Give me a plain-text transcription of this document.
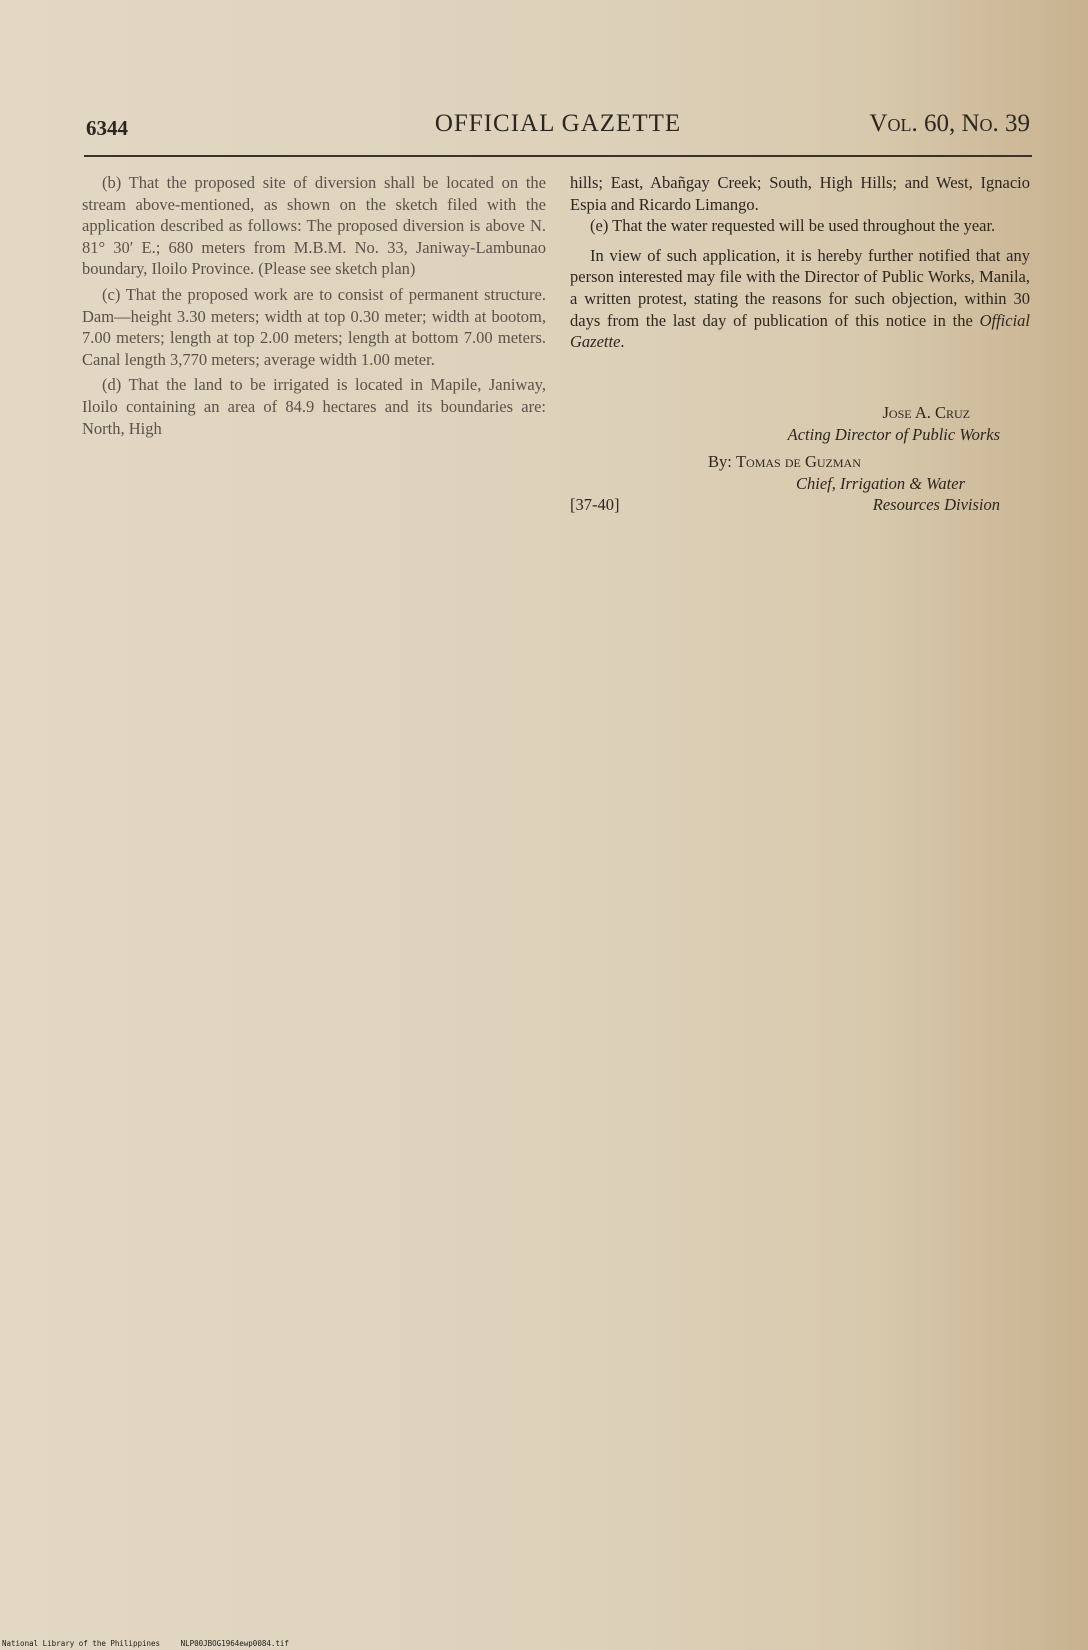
6344	OFFICIAL GAZETTE	Vol. 60, No. 39

(b) That the proposed site of diversion shall be located on the stream above-mentioned, as shown on the sketch filed with the application described as follows: The proposed diversion is above N. 81° 30′ E.; 680 meters from M.B.M. No. 33, Janiway-Lambunao boundary, Iloilo Province. (Please see sketch plan)

(c) That the proposed work are to consist of permanent structure. Dam—height 3.30 meters; width at top 0.30 meter; width at bootom, 7.00 meters; length at top 2.00 meters; length at bottom 7.00 meters. Canal length 3,770 meters; average width 1.00 meter.

(d) That the land to be irrigated is located in Mapile, Janiway, Iloilo containing an area of 84.9 hectares and its boundaries are: North, High

hills; East, Abañgay Creek; South, High Hills; and West, Ignacio Espia and Ricardo Limango.

(e) That the water requested will be used throughout the year.

In view of such application, it is hereby further notified that any person interested may file with the Director of Public Works, Manila, a written protest, stating the reasons for such objection, within 30 days from the last day of publication of this notice in the Official Gazette.

Jose A. Cruz
Acting Director of Public Works
By: Tomas de Guzman
Chief, Irrigation & Water
[37-40]	Resources Division
National Library of the Philippines	NLP00JBOG1964ewp0084.tif
